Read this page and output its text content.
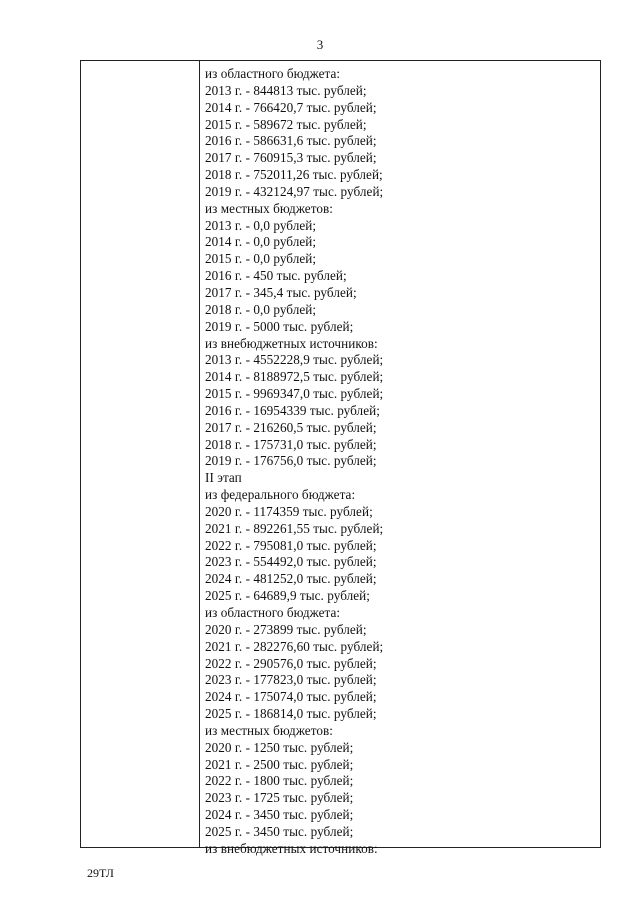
3
из областного бюджета:
2013 г. - 844813 тыс. рублей;
2014 г. - 766420,7 тыс. рублей;
2015 г. - 589672 тыс. рублей;
2016 г. - 586631,6 тыс. рублей;
2017 г. - 760915,3 тыс. рублей;
2018 г. - 752011,26 тыс. рублей;
2019 г. - 432124,97 тыс. рублей;
из местных бюджетов:
2013 г. - 0,0 рублей;
2014 г. - 0,0 рублей;
2015 г. - 0,0 рублей;
2016 г. - 450 тыс. рублей;
2017 г. - 345,4 тыс. рублей;
2018 г. - 0,0 рублей;
2019 г. - 5000 тыс. рублей;
из внебюджетных источников:
2013 г. - 4552228,9 тыс. рублей;
2014 г. - 8188972,5 тыс. рублей;
2015 г. - 9969347,0 тыс. рублей;
2016 г. - 16954339 тыс. рублей;
2017 г. - 216260,5 тыс. рублей;
2018 г. - 175731,0 тыс. рублей;
2019 г. - 176756,0 тыс. рублей;
II этап
из федерального бюджета:
2020 г. - 1174359 тыс. рублей;
2021 г. - 892261,55 тыс. рублей;
2022 г. - 795081,0 тыс. рублей;
2023 г. - 554492,0 тыс. рублей;
2024 г. - 481252,0 тыс. рублей;
2025 г. - 64689,9 тыс. рублей;
из областного бюджета:
2020 г. - 273899 тыс. рублей;
2021 г. - 282276,60 тыс. рублей;
2022 г. - 290576,0 тыс. рублей;
2023 г. - 177823,0 тыс. рублей;
2024 г. - 175074,0 тыс. рублей;
2025 г. - 186814,0 тыс. рублей;
из местных бюджетов:
2020 г. - 1250 тыс. рублей;
2021 г. - 2500 тыс. рублей;
2022 г. - 1800 тыс. рублей;
2023 г. - 1725 тыс. рублей;
2024 г. - 3450 тыс. рублей;
2025 г. - 3450 тыс. рублей;
из внебюджетных источников:
29ТЛ
